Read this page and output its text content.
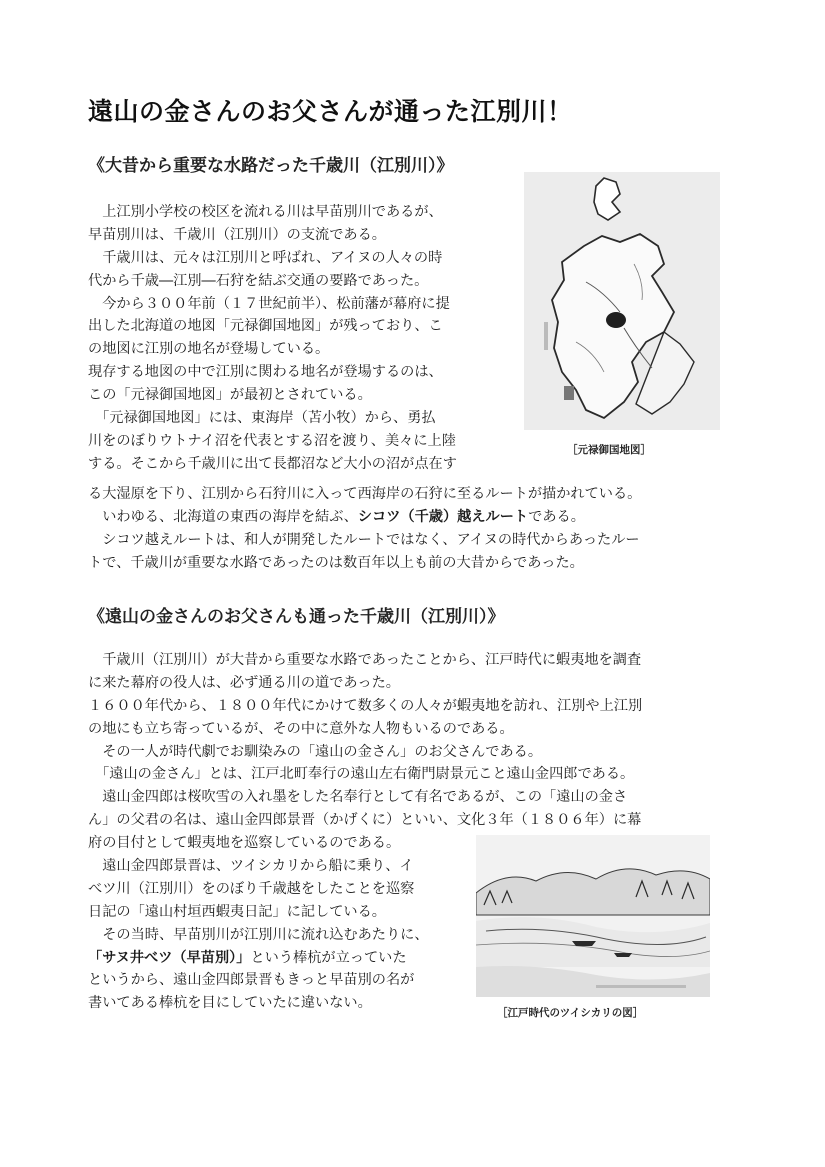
遠山の金さんのお父さんが通った江別川！
《大昔から重要な水路だった千歳川（江別川）》
　上江別小学校の校区を流れる川は早苗別川であるが、
早苗別川は、千歳川（江別川）の支流である。
　千歳川は、元々は江別川と呼ばれ、アイヌの人々の時
代から千歳―江別―石狩を結ぶ交通の要路であった。
　今から３００年前（１７世紀前半）、松前藩が幕府に提
出した北海道の地図「元禄御国地図」が残っており、こ
の地図に江別の地名が登場している。
現存する地図の中で江別に関わる地名が登場するのは、
この「元禄御国地図」が最初とされている。
　「元禄御国地図」には、東海岸（苫小牧）から、勇払
川をのぼりウトナイ沼を代表とする沼を渡り、美々に上陸
する。そこから千歳川に出て長都沼など大小の沼が点在す
る大湿原を下り、江別から石狩川に入って西海岸の石狩に至るルートが描かれている。
　いわゆる、北海道の東西の海岸を結ぶ、シコツ（千歳）越えルートである。
　シコツ越えルートは、和人が開発したルートではなく、アイヌの時代からあったルー
トで、千歳川が重要な水路であったのは数百年以上も前の大昔からであった。
［元禄御国地図］
《遠山の金さんのお父さんも通った千歳川（江別川）》
　千歳川（江別川）が大昔から重要な水路であったことから、江戸時代に蝦夷地を調査
に来た幕府の役人は、必ず通る川の道であった。
１６００年代から、１８００年代にかけて数多くの人々が蝦夷地を訪れ、江別や上江別
の地にも立ち寄っているが、その中に意外な人物もいるのである。
　その一人が時代劇でお馴染みの「遠山の金さん」のお父さんである。
　「遠山の金さん」とは、江戸北町奉行の遠山左右衛門尉景元こと遠山金四郎である。
　遠山金四郎は桜吹雪の入れ墨をした名奉行として有名であるが、この「遠山の金さ
ん」の父君の名は、遠山金四郎景晋（かげくに）といい、文化３年（１８０６年）に幕
府の目付として蝦夷地を巡察しているのである。
　遠山金四郎景晋は、ツイシカリから船に乗り、イ
べツ川（江別川）をのぼり千歳越をしたことを巡察
日記の「遠山村垣西蝦夷日記」に記している。
　その当時、早苗別川が江別川に流れ込むあたりに、
「サヌ井べツ（早苗別）」という棒杭が立っていた
というから、遠山金四郎景晋もきっと早苗別の名が
書いてある棒杭を目にしていたに違いない。
［江戸時代のツイシカリの図］
